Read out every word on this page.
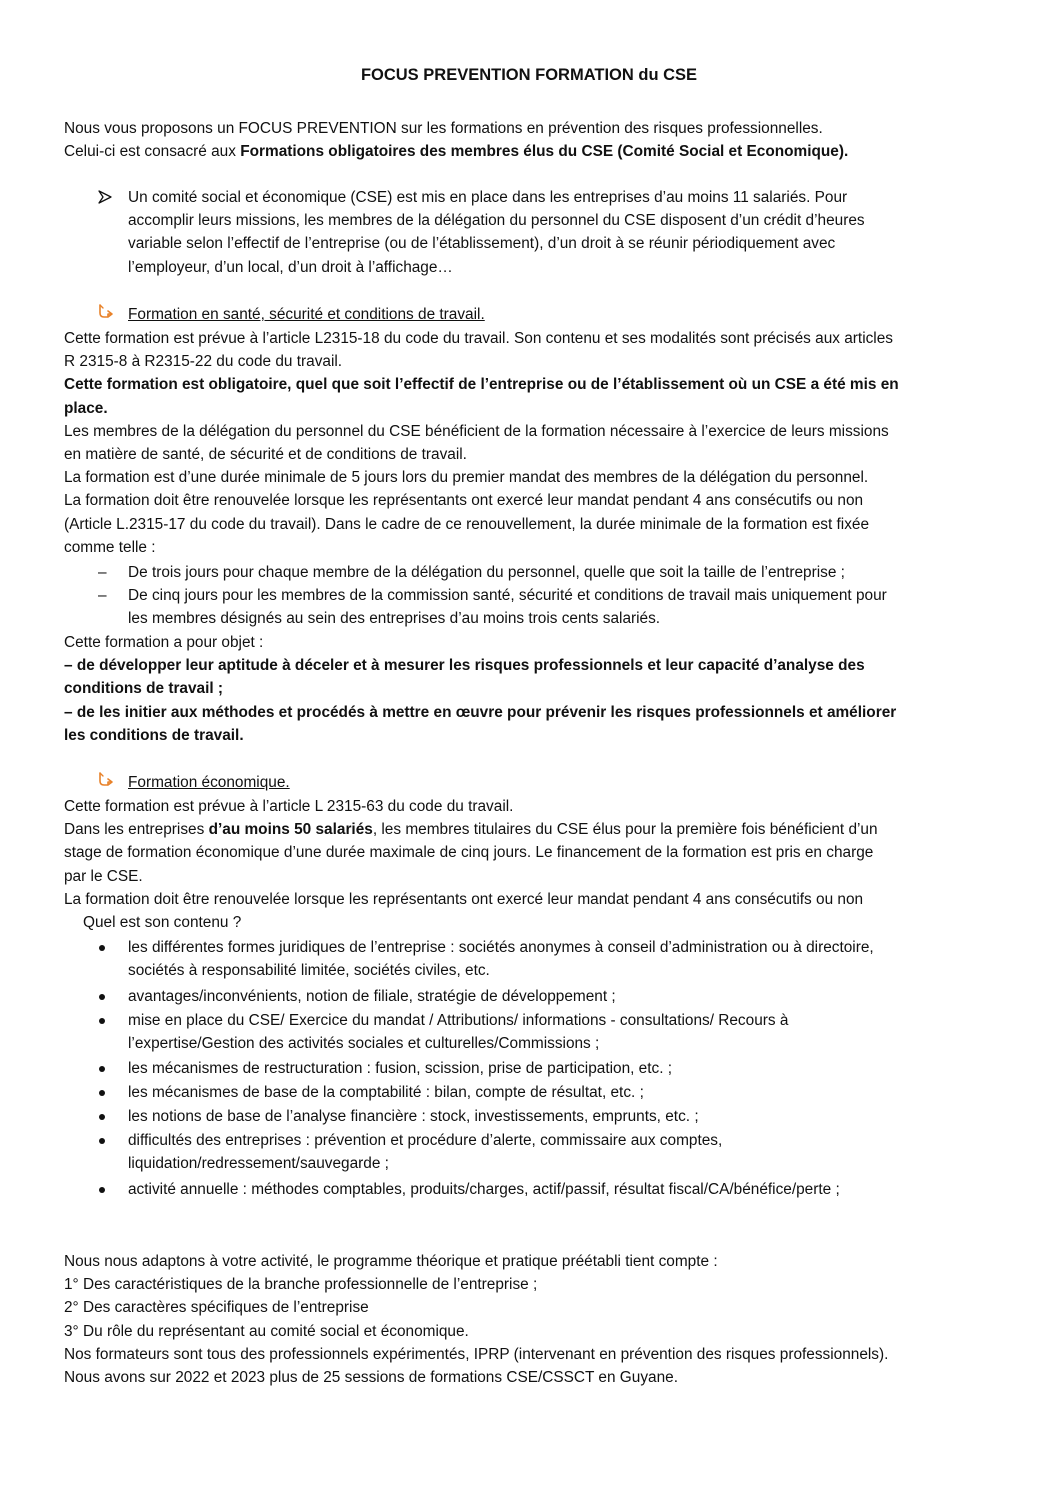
FOCUS PREVENTION FORMATION du CSE
Nous vous proposons un FOCUS PREVENTION sur les formations en prévention des risques professionnelles.
Celui-ci est consacré aux Formations obligatoires des membres élus du CSE (Comité Social et Economique).
Un comité social et économique (CSE) est mis en place dans les entreprises d’au moins 11 salariés. Pour
accomplir leurs missions, les membres de la délégation du personnel du CSE disposent d’un crédit d’heures
variable selon l’effectif de l’entreprise (ou de l’établissement), d’un droit à se réunir périodiquement avec
l’employeur, d’un local, d’un droit à l’affichage…
Formation en santé, sécurité et conditions de travail.
Cette formation est prévue à l’article L2315-18 du code du travail. Son contenu et ses modalités sont précisés aux articles
R 2315-8 à R2315-22 du code du travail.
Cette formation est obligatoire, quel que soit l’effectif de l’entreprise ou de l’établissement où un CSE a été mis en
place.
Les membres de la délégation du personnel du CSE bénéficient de la formation nécessaire à l’exercice de leurs missions
en matière de santé, de sécurité et de conditions de travail.
La formation est d’une durée minimale de 5 jours lors du premier mandat des membres de la délégation du personnel.
La formation doit être renouvelée lorsque les représentants ont exercé leur mandat pendant 4 ans consécutifs ou non
(Article L.2315-17 du code du travail). Dans le cadre de ce renouvellement, la durée minimale de la formation est fixée
comme telle :
– De trois jours pour chaque membre de la délégation du personnel, quelle que soit la taille de l’entreprise ;
– De cinq jours pour les membres de la commission santé, sécurité et conditions de travail mais uniquement pour
les membres désignés au sein des entreprises d’au moins trois cents salariés.
Cette formation a pour objet :
– de développer leur aptitude à déceler et à mesurer les risques professionnels et leur capacité d’analyse des
conditions de travail ;
– de les initier aux méthodes et procédés à mettre en œuvre pour prévenir les risques professionnels et améliorer
les conditions de travail.
Formation économique.
Cette formation est prévue à l’article L 2315-63 du code du travail.
Dans les entreprises d’au moins 50 salariés, les membres titulaires du CSE élus pour la première fois bénéficient d’un
stage de formation économique d’une durée maximale de cinq jours. Le financement de la formation est pris en charge
par le CSE.
La formation doit être renouvelée lorsque les représentants ont exercé leur mandat pendant 4 ans consécutifs ou non
Quel est son contenu ?
les différentes formes juridiques de l’entreprise : sociétés anonymes à conseil d’administration ou à directoire,
sociétés à responsabilité limitée, sociétés civiles, etc.
avantages/inconvénients, notion de filiale, stratégie de développement ;
mise en place du CSE/ Exercice du mandat / Attributions/ informations - consultations/ Recours à
l’expertise/Gestion des activités sociales et culturelles/Commissions ;
les mécanismes de restructuration : fusion, scission, prise de participation, etc. ;
les mécanismes de base de la comptabilité : bilan, compte de résultat, etc. ;
les notions de base de l’analyse financière : stock, investissements, emprunts, etc. ;
difficultés des entreprises : prévention et procédure d’alerte, commissaire aux comptes,
liquidation/redressement/sauvegarde ;
activité annuelle : méthodes comptables, produits/charges, actif/passif, résultat fiscal/CA/bénéfice/perte ;
Nous nous adaptons à votre activité, le programme théorique et pratique préétabli tient compte :
1° Des caractéristiques de la branche professionnelle de l’entreprise ;
2° Des caractères spécifiques de l’entreprise
3° Du rôle du représentant au comité social et économique.
Nos formateurs sont tous des professionnels expérimentés, IPRP (intervenant en prévention des risques professionnels).
Nous avons sur 2022 et 2023 plus de 25 sessions de formations CSE/CSSCT en Guyane.
